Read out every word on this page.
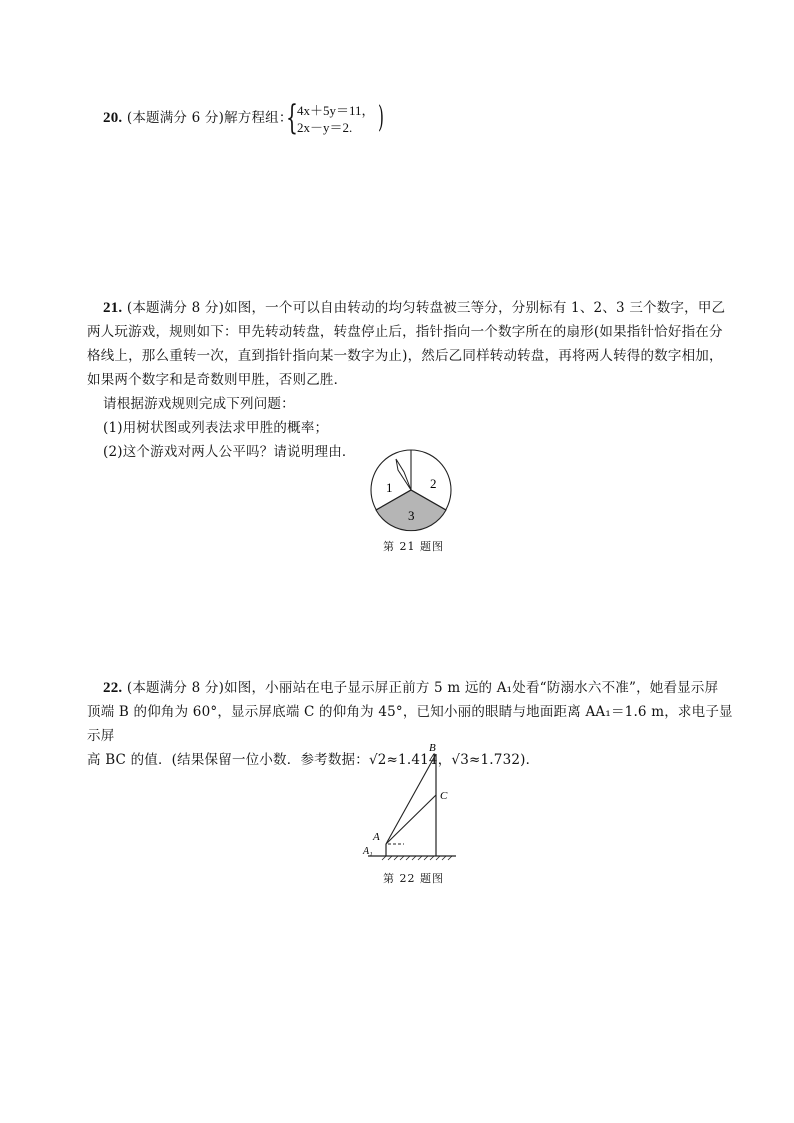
20. (本题满分 6 分)解方程组：
{ 4x＋5y＝11，
2x－y＝2. )
21. (本题满分 8 分)如图，一个可以自由转动的均匀转盘被三等分，分别标有 1、2、3 三个数字，甲乙
两人玩游戏，规则如下：甲先转动转盘，转盘停止后，指针指向一个数字所在的扇形(如果指针恰好指在分
格线上，那么重转一次，直到指针指向某一数字为止)，然后乙同样转动转盘，再将两人转得的数字相加，
如果两个数字和是奇数则甲胜，否则乙胜．
请根据游戏规则完成下列问题：
(1)用树状图或列表法求甲胜的概率；
(2)这个游戏对两人公平吗？请说明理由．
1	2
3
第 21 题图
22. (本题满分 8 分)如图，小丽站在电子显示屏正前方 5 m 远的 A₁处看“防溺水六不准”，她看显示屏
顶端 B 的仰角为 60°，显示屏底端 C 的仰角为 45°，已知小丽的眼睛与地面距离 AA₁＝1.6 m，求电子显示屏
高 BC 的值．(结果保留一位小数．参考数据：√2≈1.414，√3≈1.732)．
B
C
A
A₁
第 22 题图
